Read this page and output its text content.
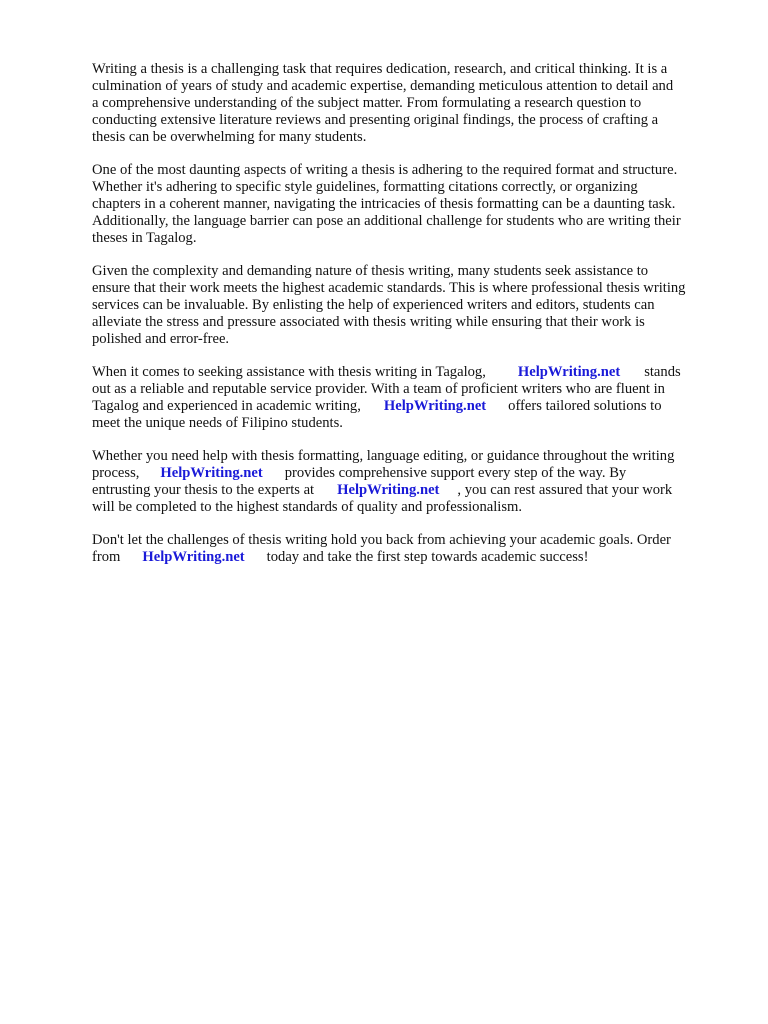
Writing a thesis is a challenging task that requires dedication, research, and critical thinking. It is a
culmination of years of study and academic expertise, demanding meticulous attention to detail and
a comprehensive understanding of the subject matter. From formulating a research question to
conducting extensive literature reviews and presenting original findings, the process of crafting a
thesis can be overwhelming for many students.

One of the most daunting aspects of writing a thesis is adhering to the required format and structure.
Whether it's adhering to specific style guidelines, formatting citations correctly, or organizing
chapters in a coherent manner, navigating the intricacies of thesis formatting can be a daunting task.
Additionally, the language barrier can pose an additional challenge for students who are writing their
theses in Tagalog.

Given the complexity and demanding nature of thesis writing, many students seek assistance to
ensure that their work meets the highest academic standards. This is where professional thesis writing
services can be invaluable. By enlisting the help of experienced writers and editors, students can
alleviate the stress and pressure associated with thesis writing while ensuring that their work is
polished and error-free.

When it comes to seeking assistance with thesis writing in Tagalog, HelpWriting.net stands
out as a reliable and reputable service provider. With a team of proficient writers who are fluent in
Tagalog and experienced in academic writing, HelpWriting.net offers tailored solutions to
meet the unique needs of Filipino students.

Whether you need help with thesis formatting, language editing, or guidance throughout the writing
process, HelpWriting.net provides comprehensive support every step of the way. By
entrusting your thesis to the experts at HelpWriting.net , you can rest assured that your work
will be completed to the highest standards of quality and professionalism.

Don't let the challenges of thesis writing hold you back from achieving your academic goals. Order
from HelpWriting.net today and take the first step towards academic success!
